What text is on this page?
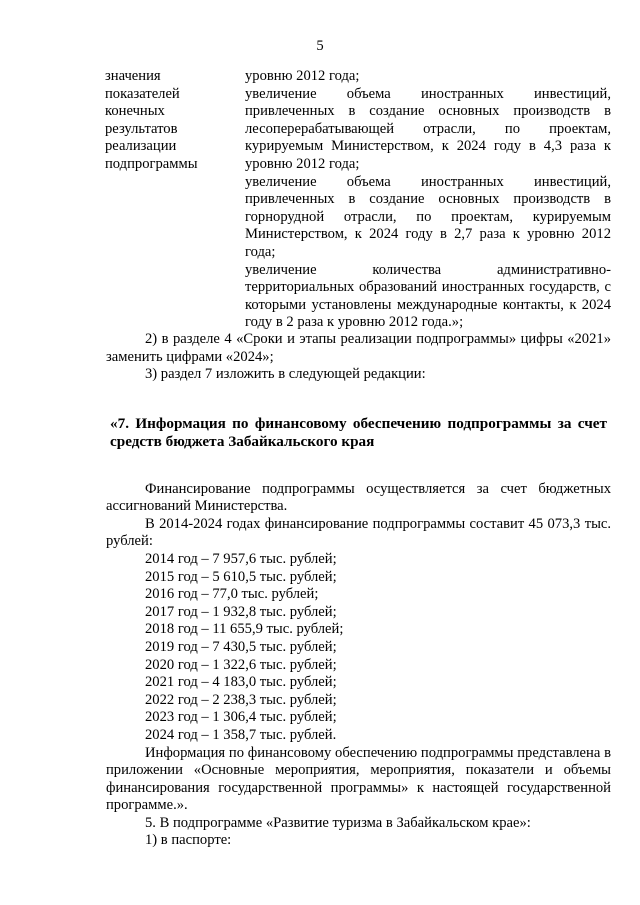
5
значения
показателей
конечных
результатов
реализации
подпрограммы

уровню 2012 года;

увеличение объема иностранных инвестиций, привлеченных в создание основных производств в лесоперерабатывающей отрасли, по проектам, курируемым Министерством, к 2024 году в 4,3 раза к уровню 2012 года;

увеличение объема иностранных инвестиций, привлеченных в создание основных производств в горнорудной отрасли, по проектам, курируемым Министерством, к 2024 году в 2,7 раза к уровню 2012 года;

увеличение количества административно-территориальных образований иностранных государств, с которыми установлены международные контакты, к 2024 году в 2 раза к уровню 2012 года.»;

2) в разделе 4 «Сроки и этапы реализации подпрограммы» цифры «2021» заменить цифрами «2024»;

3) раздел 7 изложить в следующей редакции:

«7. Информация по финансовому обеспечению подпрограммы за счет средств бюджета Забайкальского края

Финансирование подпрограммы осуществляется за счет бюджетных ассигнований Министерства.

В 2014-2024 годах финансирование подпрограммы составит 45 073,3 тыс. рублей:

2014 год – 7 957,6 тыс. рублей;

2015 год – 5 610,5 тыс. рублей;

2016 год – 77,0 тыс. рублей;

2017 год – 1 932,8 тыс. рублей;

2018 год – 11 655,9 тыс. рублей;

2019 год – 7 430,5 тыс. рублей;

2020 год – 1 322,6 тыс. рублей;

2021 год – 4 183,0 тыс. рублей;

2022 год – 2 238,3 тыс. рублей;

2023 год – 1 306,4 тыс. рублей;

2024 год – 1 358,7 тыс. рублей.

Информация по финансовому обеспечению подпрограммы представлена в приложении «Основные мероприятия, мероприятия, показатели и объемы финансирования государственной программы» к настоящей государственной программе.».

5. В подпрограмме «Развитие туризма в Забайкальском крае»:

1) в паспорте:
